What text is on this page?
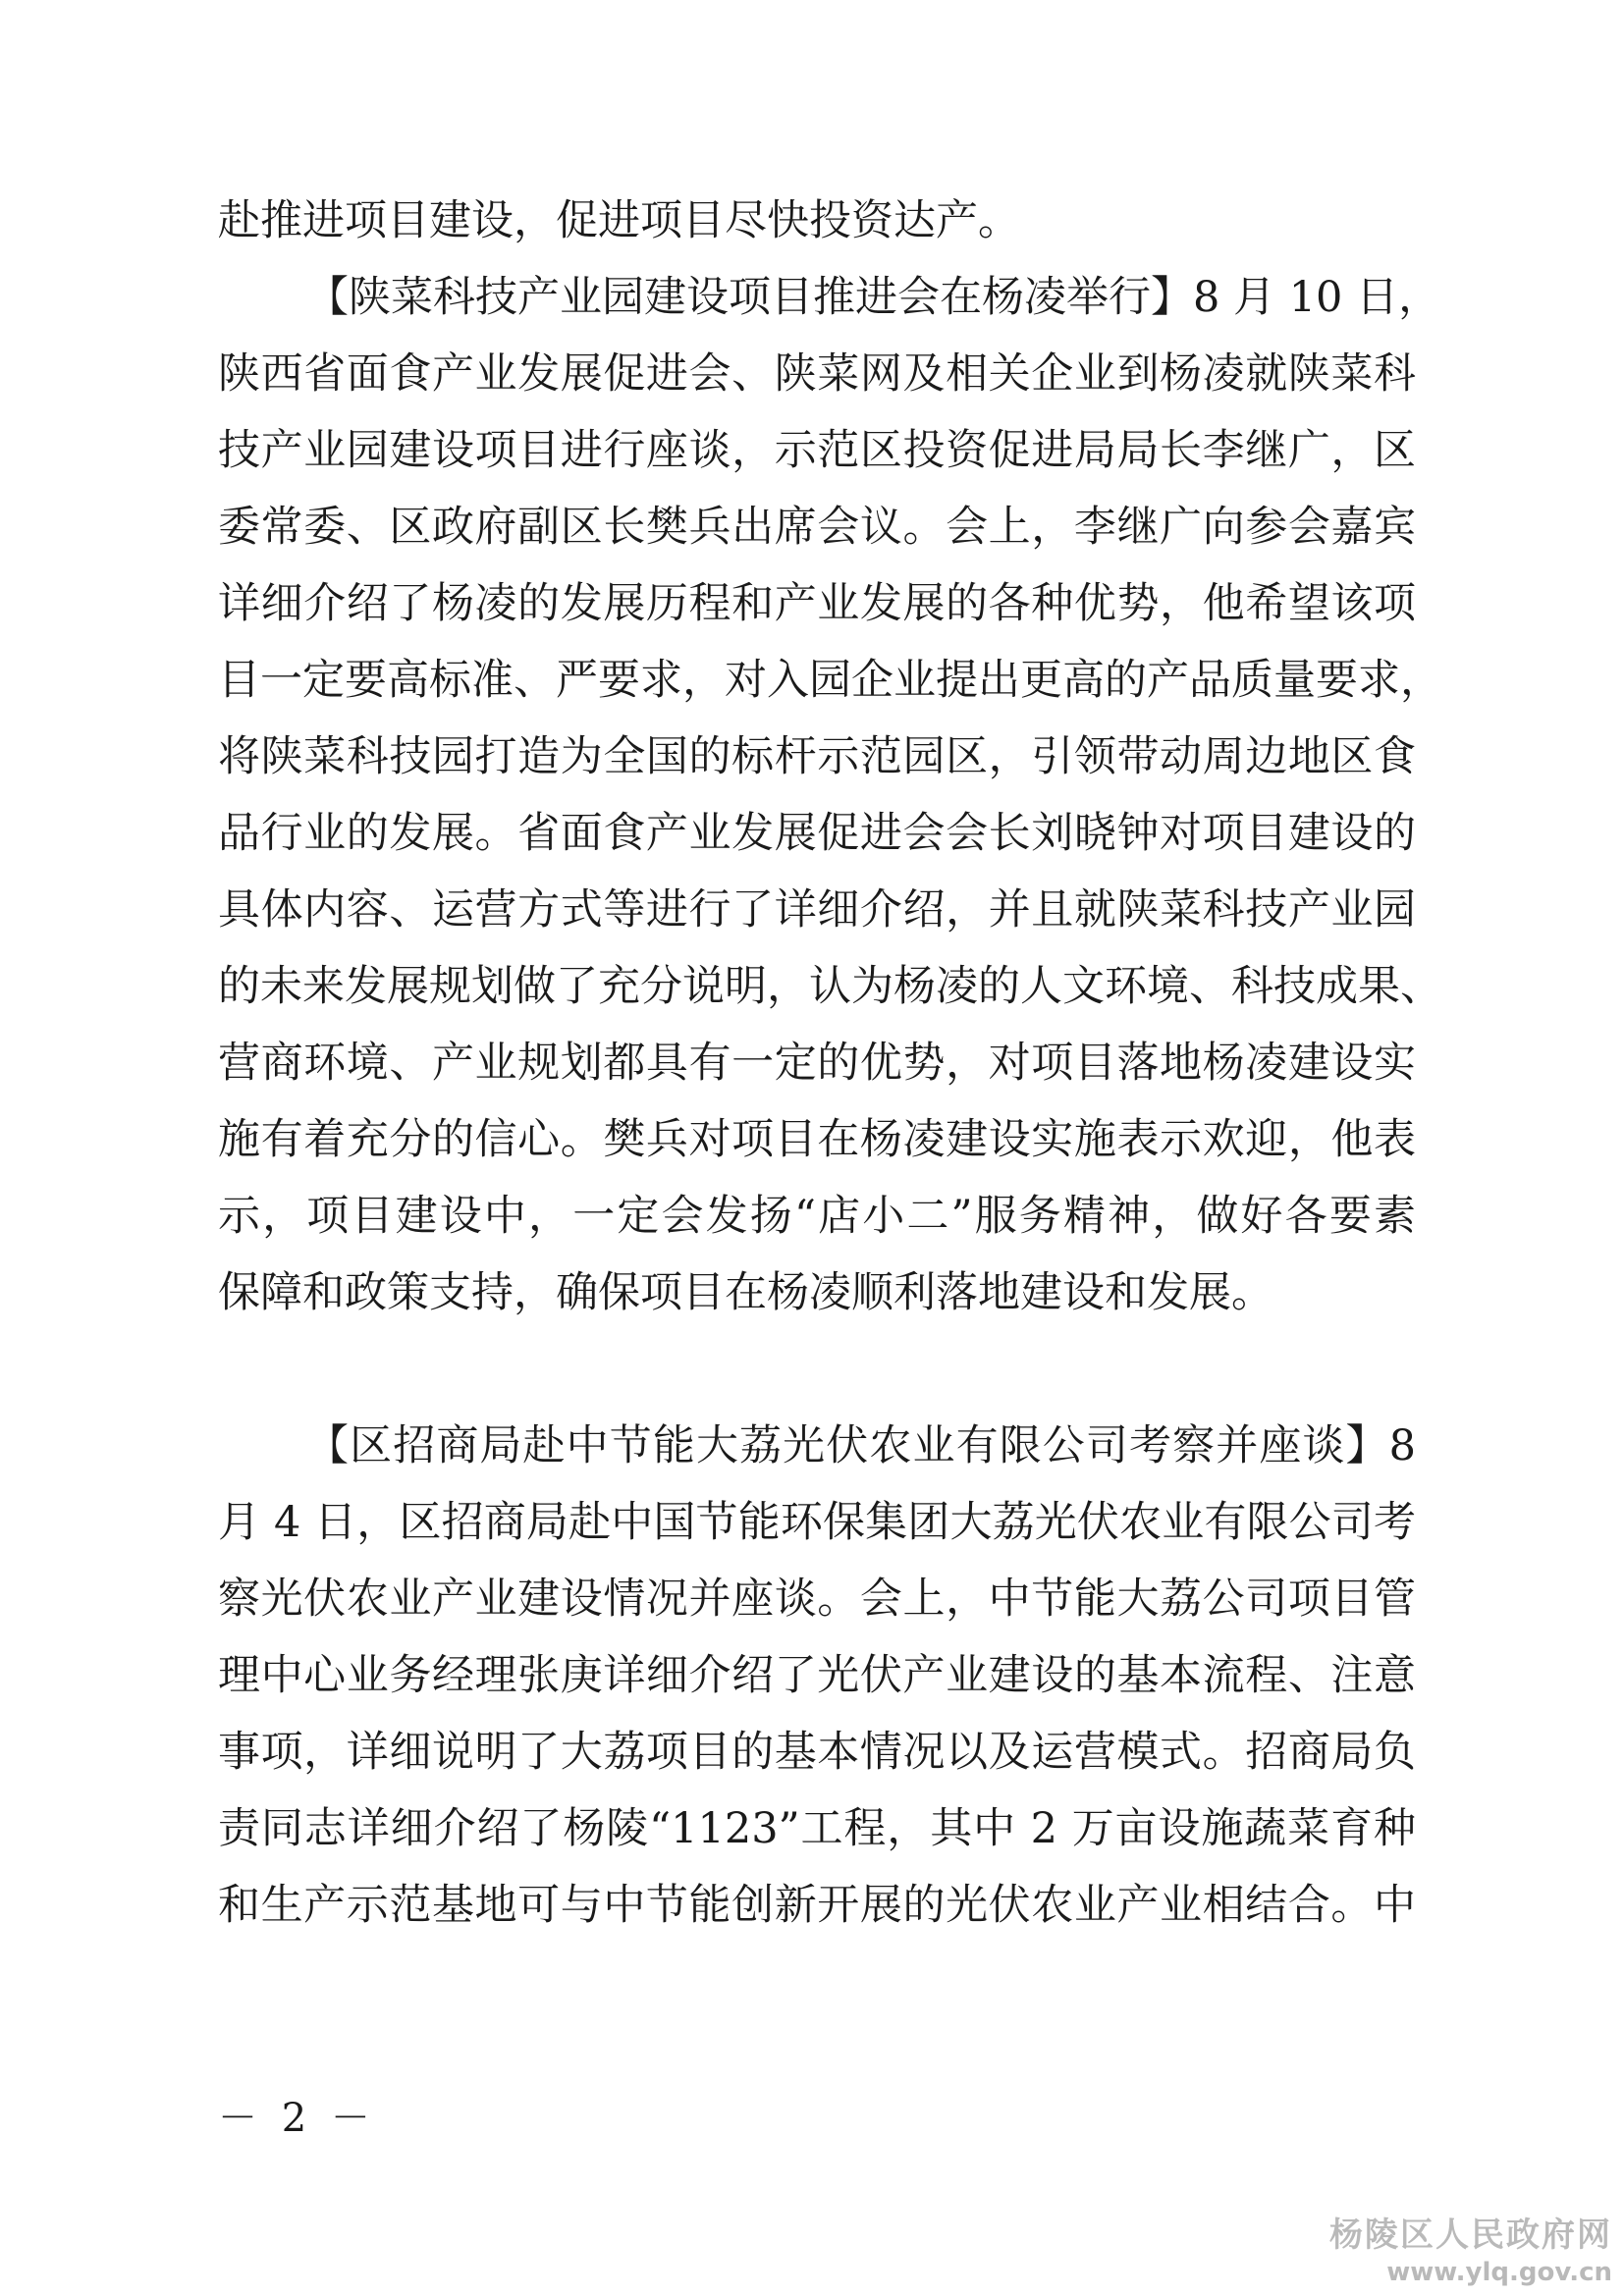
赴推进项目建设，促进项目尽快投资达产。
【陕菜科技产业园建设项目推进会在杨凌举行】8 月 10 日，
陕西省面食产业发展促进会、陕菜网及相关企业到杨凌就陕菜科
技产业园建设项目进行座谈，示范区投资促进局局长李继广，区
委常委、区政府副区长樊兵出席会议。会上，李继广向参会嘉宾
详细介绍了杨凌的发展历程和产业发展的各种优势，他希望该项
目一定要高标准、严要求，对入园企业提出更高的产品质量要求，
将陕菜科技园打造为全国的标杆示范园区，引领带动周边地区食
品行业的发展。省面食产业发展促进会会长刘晓钟对项目建设的
具体内容、运营方式等进行了详细介绍，并且就陕菜科技产业园
的未来发展规划做了充分说明，认为杨凌的人文环境、科技成果、
营商环境、产业规划都具有一定的优势，对项目落地杨凌建设实
施有着充分的信心。樊兵对项目在杨凌建设实施表示欢迎，他表
示，项目建设中，一定会发扬“店小二”服务精神，做好各要素
保障和政策支持，确保项目在杨凌顺利落地建设和发展。
【区招商局赴中节能大荔光伏农业有限公司考察并座谈】8
月 4 日，区招商局赴中国节能环保集团大荔光伏农业有限公司考
察光伏农业产业建设情况并座谈。会上，中节能大荔公司项目管
理中心业务经理张庚详细介绍了光伏产业建设的基本流程、注意
事项，详细说明了大荔项目的基本情况以及运营模式。招商局负
责同志详细介绍了杨陵“1123”工程，其中 2 万亩设施蔬菜育种
和生产示范基地可与中节能创新开展的光伏农业产业相结合。中
－ 2 －
杨陵区人民政府网
www.ylq.gov.cn
